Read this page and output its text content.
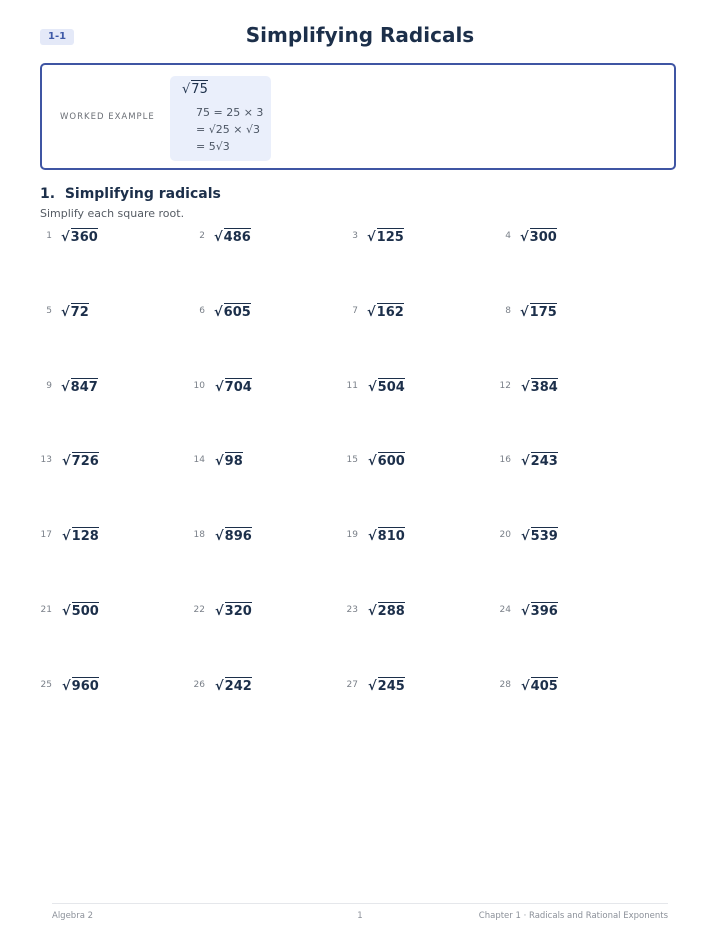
1-1	Simplifying Radicals
WORKED EXAMPLE
√75
75 = 25 × 3
= √25 × √3
= 5√3
1. Simplifying radicals
Simplify each square root.
1 √360	2 √486	3 √125	4 √300
5 √72	6 √605	7 √162	8 √175
9 √847	10 √704	11 √504	12 √384
13 √726	14 √98	15 √600	16 √243
17 √128	18 √896	19 √810	20 √539
21 √500	22 √320	23 √288	24 √396
25 √960	26 √242	27 √245	28 √405
Algebra 2	1	Chapter 1 · Radicals and Rational Exponents
